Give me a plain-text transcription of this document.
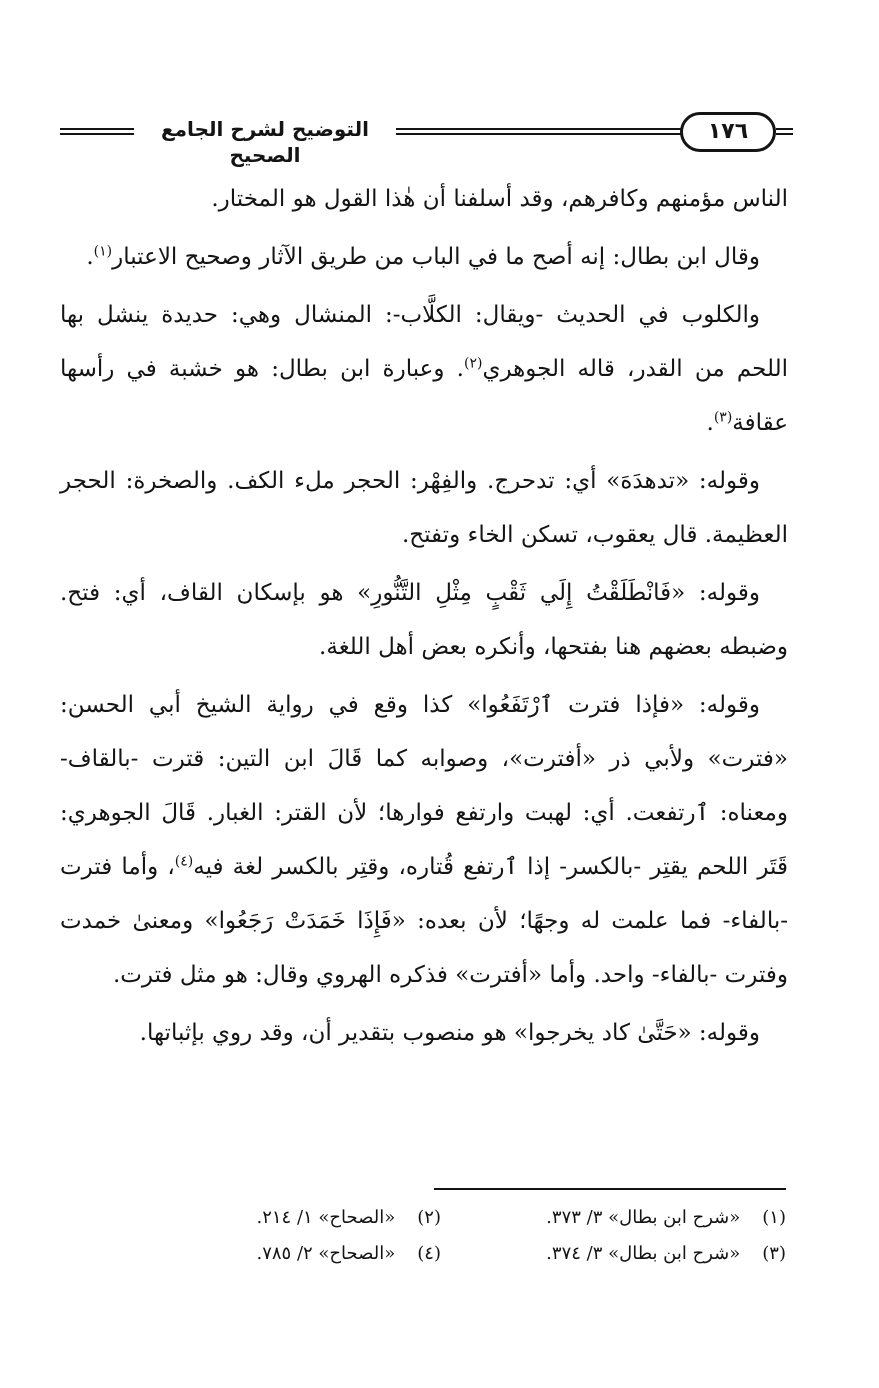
التوضيح لشرح الجامع الصحيح
١٧٦

الناس مؤمنهم وكافرهم، وقد أسلفنا أن هٰذا القول هو المختار.

وقال ابن بطال: إنه أصح ما في الباب من طريق الآثار وصحيح الاعتبار$^{(١)}$.

والكلوب في الحديث -ويقال: الكلَّاب-: المنشال وهي: حديدة ينشل بها اللحم من القدر، قاله الجوهري$^{(٢)}$. وعبارة ابن بطال: هو خشبة في رأسها عقافة$^{(٣)}$.

وقوله: «تدهدَهَ» أي: تدحرج. والفِهْر: الحجر ملء الكف. والصخرة: الحجر العظيمة. قال يعقوب، تسكن الخاء وتفتح.

وقوله: «فَانْطَلَقْتُ إِلَي ثَقْبٍ مِثْلِ التَّنُّورِ» هو بإسكان القاف، أي: فتح. وضبطه بعضهم هنا بفتحها، وأنكره بعض أهل اللغة.

وقوله: «فإذا فترت ٱرْتَفَعُوا» كذا وقع في رواية الشيخ أبي الحسن: «فترت» ولأبي ذر «أفترت»، وصوابه كما قَالَ ابن التين: قترت -بالقاف- ومعناه: ٱرتفعت. أي: لهبت وارتفع فوارها؛ لأن القتر: الغبار. قَالَ الجوهري: قَتَر اللحم يقتِر -بالكسر- إذا ٱرتفع قُتاره، وقتِر بالكسر لغة فيه$^{(٤)}$، وأما فترت -بالفاء- فما علمت له وجهًا؛ لأن بعده: «فَإِذَا خَمَدَتْ رَجَعُوا» ومعنىٰ خمدت وفترت -بالفاء- واحد. وأما «أفترت» فذكره الهروي وقال: هو مثل فترت.

وقوله: «حَتَّىٰ كاد يخرجوا» هو منصوب بتقدير أن، وقد روي بإثباتها.

(١) «شرح ابن بطال» ٣/ ٣٧٣.
(٢) «الصحاح» ١/ ٢١٤.
(٣) «شرح ابن بطال» ٣/ ٣٧٤.
(٤) «الصحاح» ٢/ ٧٨٥.
